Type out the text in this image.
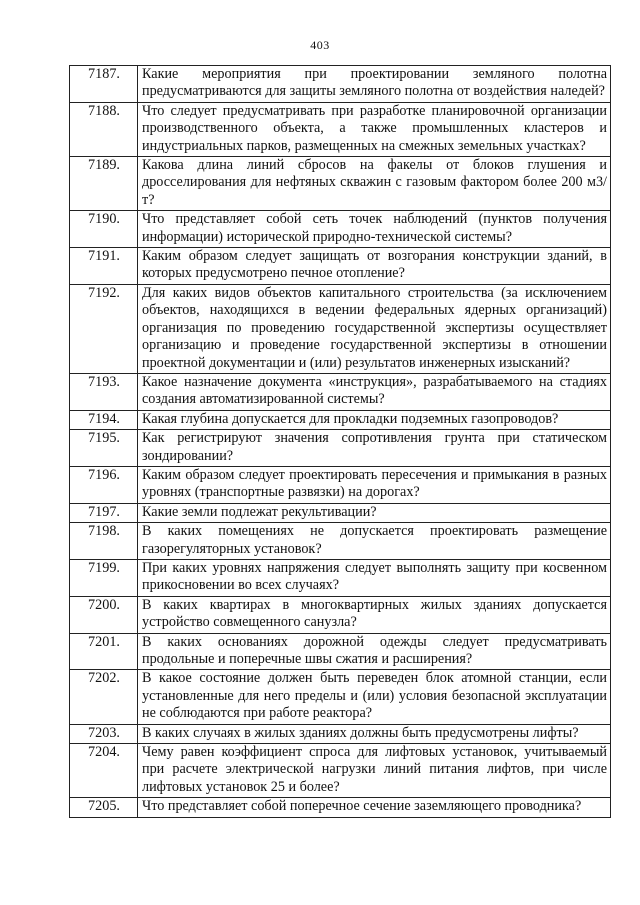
403
7187.	Какие мероприятия при проектировании земляного полотна предусматриваются для защиты земляного полотна от воздействия наледей?
7188.	Что следует предусматривать при разработке планировочной организации производственного объекта, а также промышленных кластеров и индустриальных парков, размещенных на смежных земельных участках?
7189.	Какова длина линий сбросов на факелы от блоков глушения и дросселирования для нефтяных скважин с газовым фактором более 200 м3/т?
7190.	Что представляет собой сеть точек наблюдений (пунктов получения информации) исторической природно-технической системы?
7191.	Каким образом следует защищать от возгорания конструкции зданий, в которых предусмотрено печное отопление?
7192.	Для каких видов объектов капитального строительства (за исключением объектов, находящихся в ведении федеральных ядерных организаций) организация по проведению государственной экспертизы осуществляет организацию и проведение государственной экспертизы в отношении проектной документации и (или) результатов инженерных изысканий?
7193.	Какое назначение документа «инструкция», разрабатываемого на стадиях создания автоматизированной системы?
7194.	Какая глубина допускается для прокладки подземных газопроводов?
7195.	Как регистрируют значения сопротивления грунта при статическом зондировании?
7196.	Каким образом следует проектировать пересечения и примыкания в разных уровнях (транспортные развязки) на дорогах?
7197.	Какие земли подлежат рекультивации?
7198.	В каких помещениях не допускается проектировать размещение газорегуляторных установок?
7199.	При каких уровнях напряжения следует выполнять защиту при косвенном прикосновении во всех случаях?
7200.	В каких квартирах в многоквартирных жилых зданиях допускается устройство совмещенного санузла?
7201.	В каких основаниях дорожной одежды следует предусматривать продольные и поперечные швы сжатия и расширения?
7202.	В какое состояние должен быть переведен блок атомной станции, если установленные для него пределы и (или) условия безопасной эксплуатации не соблюдаются при работе реактора?
7203.	В каких случаях в жилых зданиях должны быть предусмотрены лифты?
7204.	Чему равен коэффициент спроса для лифтовых установок, учитываемый при расчете электрической нагрузки линий питания лифтов, при числе лифтовых установок 25 и более?
7205.	Что представляет собой поперечное сечение заземляющего проводника?
